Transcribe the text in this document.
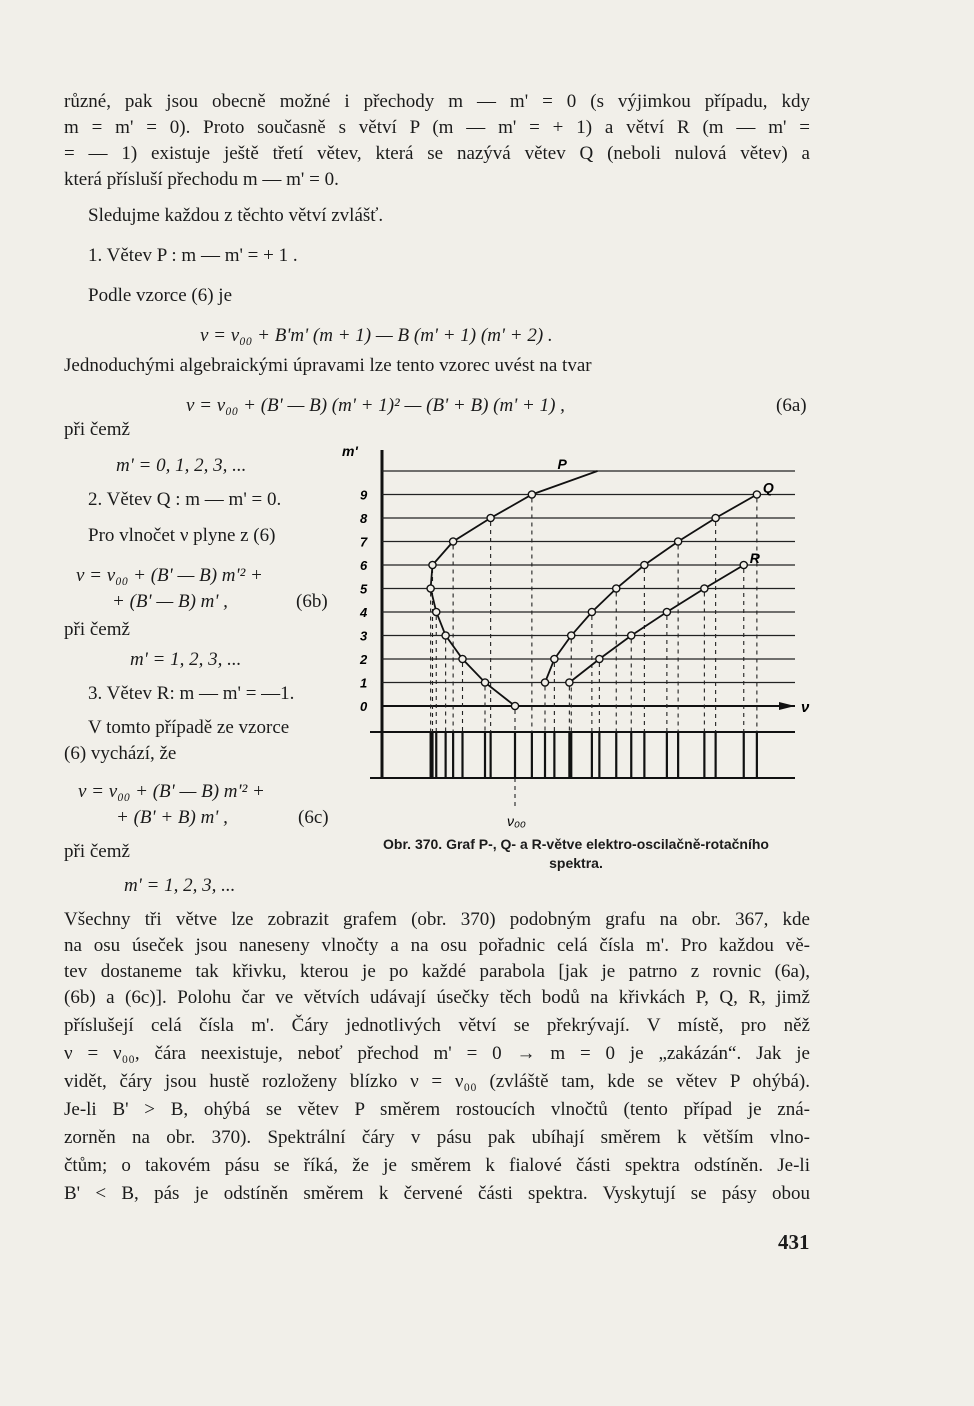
různé, pak jsou obecně možné i přechody m — m' = 0 (s výjimkou případu, kdy

m = m' = 0). Proto současně s větví P (m — m' = + 1) a větví R (m — m' =

= — 1) existuje ještě třetí větev, která se nazývá větev Q (neboli nulová větev) a

která přísluší přechodu m — m' = 0.

Sledujme každou z těchto větví zvlášť.

1. Větev P : m — m' = + 1 .

Podle vzorce (6) je

ν = ν₀₀ + B'm' (m + 1) — B (m' + 1) (m' + 2) .

Jednoduchými algebraickými úpravami lze tento vzorec uvést na tvar

ν = ν₀₀ + (B' — B) (m' + 1)² — (B' + B) (m' + 1) ,	(6a)

při čemž

m' = 0, 1, 2, 3, ...

2. Větev Q : m — m' = 0.

Pro vlnočet ν plyne z (6)

ν = ν₀₀ + (B' — B) m'² +
+ (B' — B) m' ,	(6b)

při čemž

m' = 1, 2, 3, ...

3. Větev R: m — m' = —1.

V tomto případě ze vzorce

(6) vychází, že

ν = ν₀₀ + (B' — B) m'² +
+ (B' + B) m' ,	(6c)

při čemž

m' = 1, 2, 3, ...
0
1
2
3
4
5
6
7
8
9
ν
m'
P
Q
R
ν₀₀
Obr. 370. Graf P-, Q- a R-větve elektro-oscilačně-rotačního spektra.

Všechny tři větve lze zobrazit grafem (obr. 370) podobným grafu na obr. 367, kde

na osu úseček jsou naneseny vlnočty a na osu pořadnic celá čísla m'. Pro každou vě-

tev dostaneme tak křivku, kterou je po každé parabola [jak je patrno z rovnic (6a),

(6b) a (6c)]. Polohu čar ve větvích udávají úsečky těch bodů na křivkách P, Q, R, jimž

příslušejí celá čísla m'. Čáry jednotlivých větví se překrývají. V místě, pro něž

ν = ν₀₀, čára neexistuje, neboť přechod m' = 0 → m = 0 je „zakázán“. Jak je

vidět, čáry jsou hustě rozloženy blízko ν = ν₀₀ (zvláště tam, kde se větev P ohýbá).

Je-li B' > B, ohýbá se větev P směrem rostoucích vlnočtů (tento případ je zná-

zorněn na obr. 370). Spektrální čáry v pásu pak ubíhají směrem k větším vlno-

čtům; o takovém pásu se říká, že je směrem k fialové části spektra odstíněn. Je-li

B' < B, pás je odstíněn směrem k červené části spektra. Vyskytují se pásy obou

431
